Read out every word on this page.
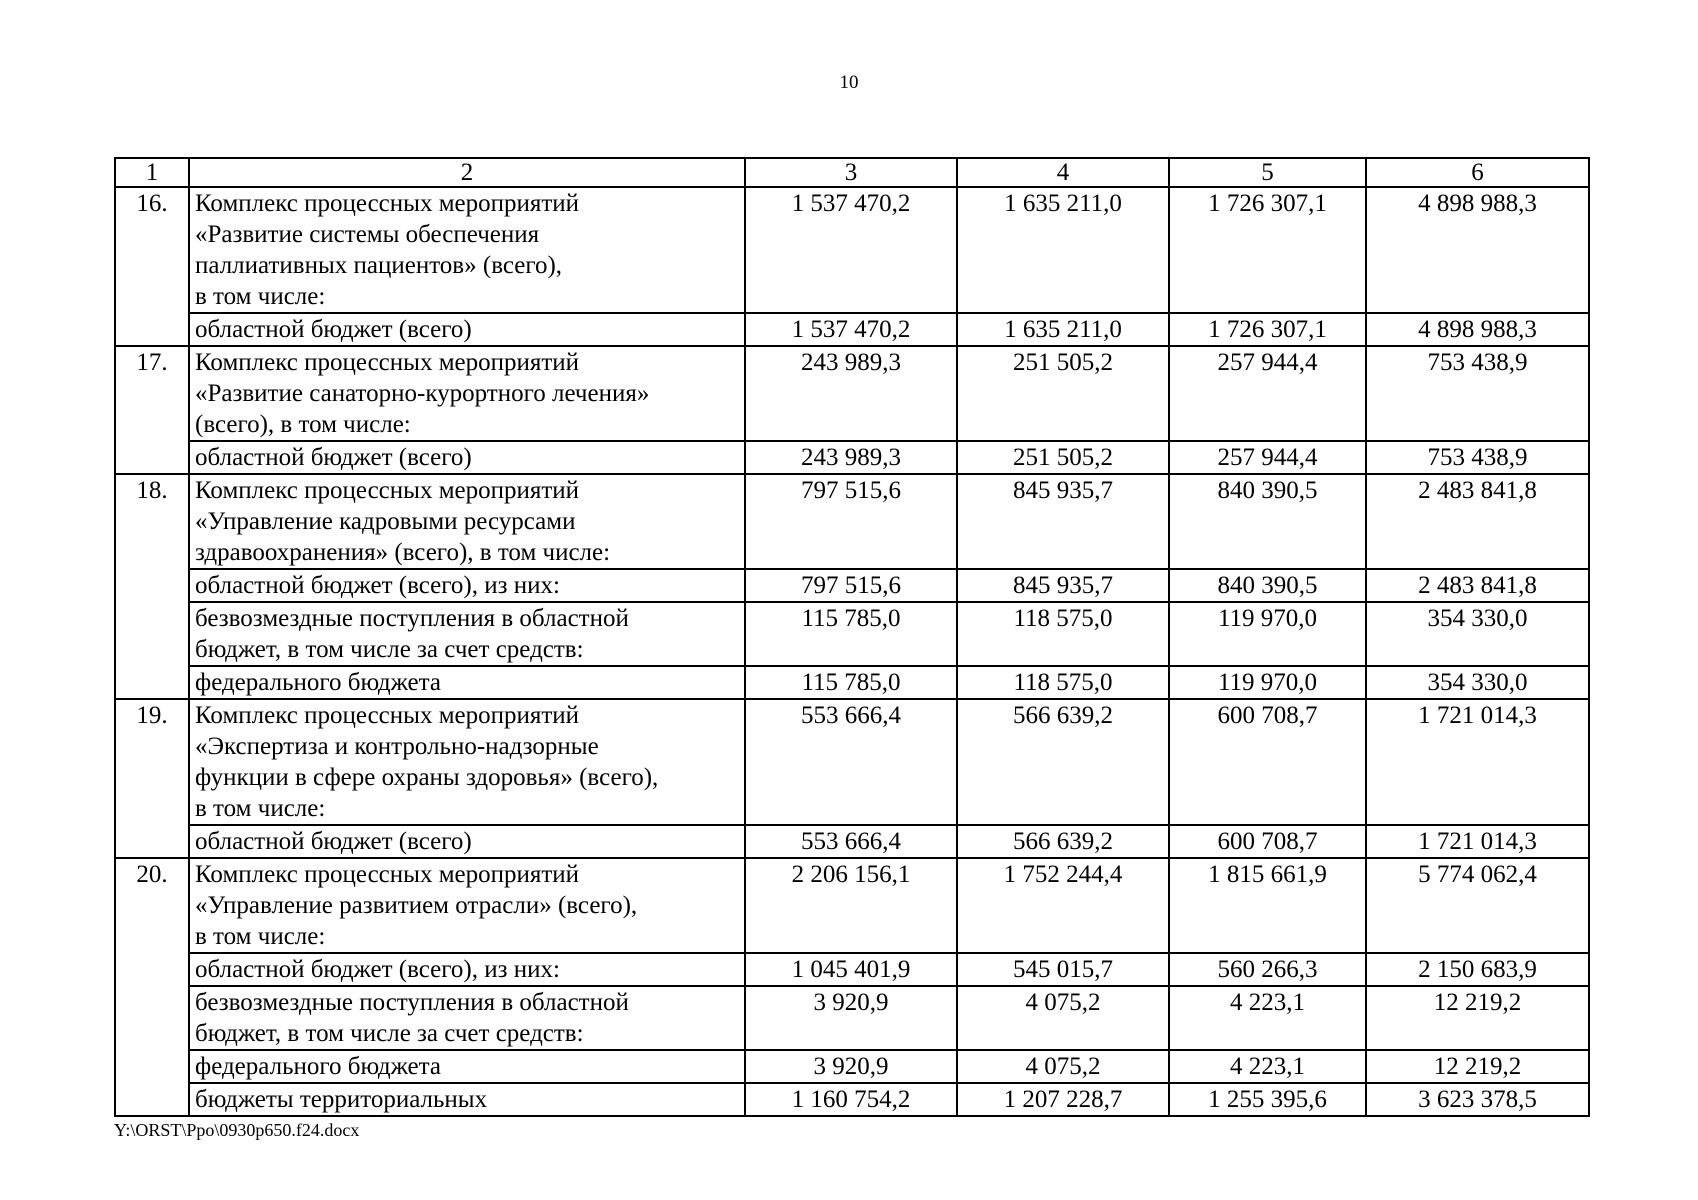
10
1	2	3	4	5	6
16.	Комплекс процессных мероприятий
«Развитие системы обеспечения
паллиативных пациентов» (всего),
в том числе:	1 537 470,2	1 635 211,0	1 726 307,1	4 898 988,3

	областной бюджет (всего)	1 537 470,2	1 635 211,0	1 726 307,1	4 898 988,3
17.	Комплекс процессных мероприятий
«Развитие санаторно-курортного лечения»
(всего), в том числе:	243 989,3	251 505,2	257 944,4	753 438,9

	областной бюджет (всего)	243 989,3	251 505,2	257 944,4	753 438,9
18.	Комплекс процессных мероприятий
«Управление кадровыми ресурсами
здравоохранения» (всего), в том числе:	797 515,6	845 935,7	840 390,5	2 483 841,8

	областной бюджет (всего), из них:	797 515,6	845 935,7	840 390,5	2 483 841,8

	безвозмездные поступления в областной
бюджет, в том числе за счет средств:	115 785,0	118 575,0	119 970,0	354 330,0

	федерального бюджета	115 785,0	118 575,0	119 970,0	354 330,0
19.	Комплекс процессных мероприятий
«Экспертиза и контрольно-надзорные
функции в сфере охраны здоровья» (всего),
в том числе:	553 666,4	566 639,2	600 708,7	1 721 014,3

	областной бюджет (всего)	553 666,4	566 639,2	600 708,7	1 721 014,3
20.	Комплекс процессных мероприятий
«Управление развитием отрасли» (всего),
в том числе:	2 206 156,1	1 752 244,4	1 815 661,9	5 774 062,4

	областной бюджет (всего), из них:	1 045 401,9	545 015,7	560 266,3	2 150 683,9

	безвозмездные поступления в областной
бюджет, в том числе за счет средств:	3 920,9	4 075,2	4 223,1	12 219,2

	федерального бюджета	3 920,9	4 075,2	4 223,1	12 219,2

	бюджеты территориальных	1 160 754,2	1 207 228,7	1 255 395,6	3 623 378,5
Y:\ORST\Ppo\0930p650.f24.docx
